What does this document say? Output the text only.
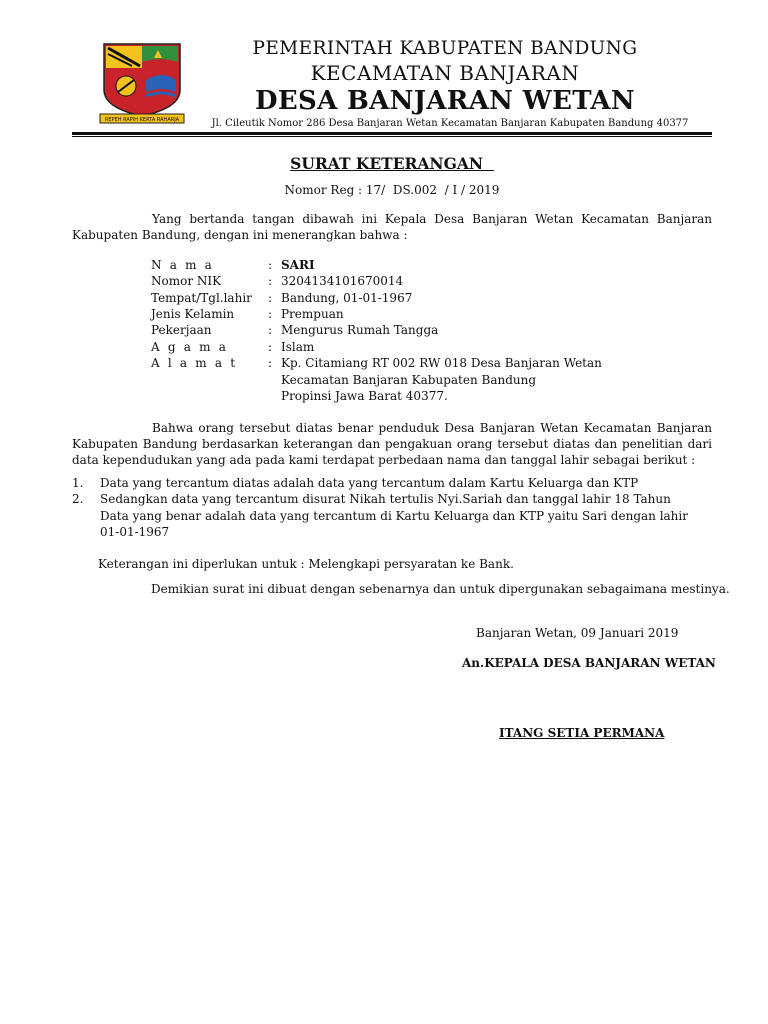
REPEH RAPIH KERTA RAHARJA
PEMERINTAH KABUPATEN BANDUNG
KECAMATAN BANJARAN
DESA BANJARAN WETAN
Jl. Cileutik Nomor 286 Desa Banjaran Wetan Kecamatan Banjaran Kabupaten Bandung 40377
SURAT KETERANGAN
Nomor Reg : 17/  DS.002  / I / 2019
Yang bertanda tangan dibawah ini Kepala Desa Banjaran Wetan Kecamatan Banjaran Kabupaten Bandung, dengan ini menerangkan bahwa :
N a m a	: SARI
Nomor NIK	: 3204134101670014
Tempat/Tgl.lahir : Bandung, 01-01-1967
Jenis Kelamin	: Prempuan
Pekerjaan	: Mengurus Rumah Tangga
A g a m a	: Islam
A l a m a t	: Kp. Citamiang RT 002 RW 018 Desa Banjaran Wetan
Kecamatan Banjaran Kabupaten Bandung
Propinsi Jawa Barat 40377.
Bahwa orang tersebut diatas benar penduduk Desa Banjaran Wetan Kecamatan Banjaran Kabupaten Bandung berdasarkan keterangan dan pengakuan orang tersebut diatas dan penelitian dari data kependudukan yang ada pada kami terdapat perbedaan nama dan tanggal lahir sebagai berikut :
1. Data yang tercantum diatas adalah data yang tercantum dalam Kartu Keluarga dan KTP
2. Sedangkan data yang tercantum disurat Nikah tertulis Nyi.Sariah dan tanggal lahir 18 Tahun
Data yang benar adalah data yang tercantum di Kartu Keluarga dan KTP yaitu Sari dengan lahir
01-01-1967
Keterangan ini diperlukan untuk : Melengkapi persyaratan ke Bank.
Demikian surat ini dibuat dengan sebenarnya dan untuk dipergunakan sebagaimana mestinya.
Banjaran Wetan, 09 Januari 2019
An.KEPALA DESA BANJARAN WETAN
ITANG SETIA PERMANA
